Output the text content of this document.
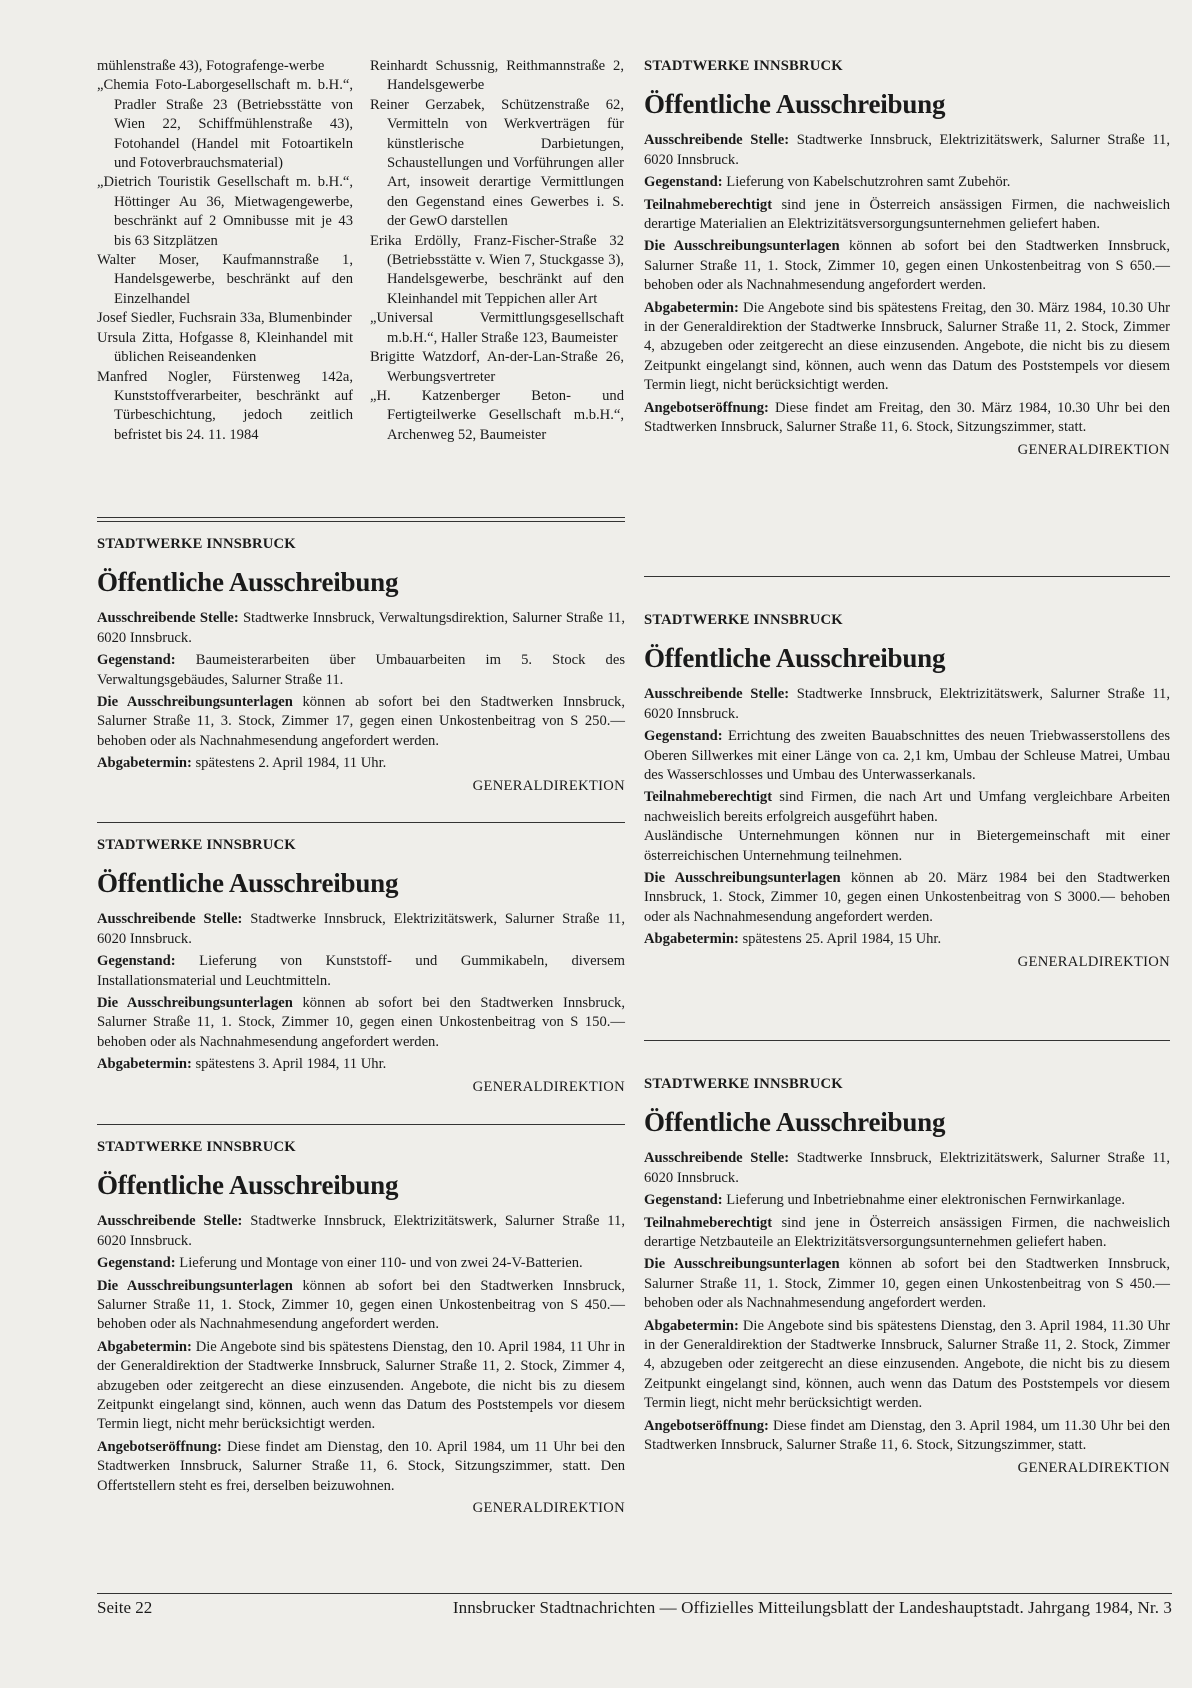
mühlenstraße 43), Fotografenge-werbe
„Chemia Foto-Laborgesellschaft m. b.H.“, Pradler Straße 23 (Betriebsstätte von Wien 22, Schiffmühlenstraße 43), Fotohandel (Handel mit Fotoartikeln und Fotoverbrauchsmaterial)
„Dietrich Touristik Gesellschaft m. b.H.“, Höttinger Au 36, Mietwagengewerbe, beschränkt auf 2 Omnibusse mit je 43 bis 63 Sitzplätzen
Walter Moser, Kaufmannstraße 1, Handelsgewerbe, beschränkt auf den Einzelhandel
Josef Siedler, Fuchsrain 33a, Blumenbinder
Ursula Zitta, Hofgasse 8, Kleinhandel mit üblichen Reiseandenken
Manfred Nogler, Fürstenweg 142a, Kunststoffverarbeiter, beschränkt auf Türbeschichtung, jedoch zeitlich befristet bis 24. 11. 1984
Reinhardt Schussnig, Reithmannstraße 2, Handelsgewerbe
Reiner Gerzabek, Schützenstraße 62, Vermitteln von Werkverträgen für künstlerische Darbietungen, Schaustellungen und Vorführungen aller Art, insoweit derartige Vermittlungen den Gegenstand eines Gewerbes i. S. der GewO darstellen
Erika Erdölly, Franz-Fischer-Straße 32 (Betriebsstätte v. Wien 7, Stuckgasse 3), Handelsgewerbe, beschränkt auf den Kleinhandel mit Teppichen aller Art
„Universal Vermittlungsgesellschaft m.b.H.“, Haller Straße 123, Baumeister
Brigitte Watzdorf, An-der-Lan-Straße 26, Werbungsvertreter
„H. Katzenberger Beton- und Fertigteilwerke Gesellschaft m.b.H.“, Archenweg 52, Baumeister
STADTWERKE INNSBRUCK
Öffentliche Ausschreibung

Ausschreibende Stelle: Stadtwerke Innsbruck, Verwaltungsdirektion, Salurner Straße 11, 6020 Innsbruck.

Gegenstand: Baumeisterarbeiten über Umbauarbeiten im 5. Stock des Verwaltungsgebäudes, Salurner Straße 11.

Die Ausschreibungsunterlagen können ab sofort bei den Stadtwerken Innsbruck, Salurner Straße 11, 3. Stock, Zimmer 17, gegen einen Unkostenbeitrag von S 250.— behoben oder als Nachnahmesendung angefordert werden.

Abgabetermin: spätestens 2. April 1984, 11 Uhr.

GENERALDIREKTION
STADTWERKE INNSBRUCK
Öffentliche Ausschreibung

Ausschreibende Stelle: Stadtwerke Innsbruck, Elektrizitätswerk, Salurner Straße 11, 6020 Innsbruck.

Gegenstand: Lieferung von Kunststoff- und Gummikabeln, diversem Installationsmaterial und Leuchtmitteln.

Die Ausschreibungsunterlagen können ab sofort bei den Stadtwerken Innsbruck, Salurner Straße 11, 1. Stock, Zimmer 10, gegen einen Unkostenbeitrag von S 150.— behoben oder als Nachnahmesendung angefordert werden.

Abgabetermin: spätestens 3. April 1984, 11 Uhr.

GENERALDIREKTION
STADTWERKE INNSBRUCK
Öffentliche Ausschreibung

Ausschreibende Stelle: Stadtwerke Innsbruck, Elektrizitätswerk, Salurner Straße 11, 6020 Innsbruck.

Gegenstand: Lieferung und Montage von einer 110- und von zwei 24-V-Batterien.

Die Ausschreibungsunterlagen können ab sofort bei den Stadtwerken Innsbruck, Salurner Straße 11, 1. Stock, Zimmer 10, gegen einen Unkostenbeitrag von S 450.— behoben oder als Nachnahmesendung angefordert werden.

Abgabetermin: Die Angebote sind bis spätestens Dienstag, den 10. April 1984, 11 Uhr in der Generaldirektion der Stadtwerke Innsbruck, Salurner Straße 11, 2. Stock, Zimmer 4, abzugeben oder zeitgerecht an diese einzusenden. Angebote, die nicht bis zu diesem Zeitpunkt eingelangt sind, können, auch wenn das Datum des Poststempels vor diesem Termin liegt, nicht mehr berücksichtigt werden.

Angebotseröffnung: Diese findet am Dienstag, den 10. April 1984, um 11 Uhr bei den Stadtwerken Innsbruck, Salurner Straße 11, 6. Stock, Sitzungszimmer, statt. Den Offertstellern steht es frei, derselben beizuwohnen.

GENERALDIREKTION
STADTWERKE INNSBRUCK
Öffentliche Ausschreibung

Ausschreibende Stelle: Stadtwerke Innsbruck, Elektrizitätswerk, Salurner Straße 11, 6020 Innsbruck.

Gegenstand: Lieferung von Kabelschutzrohren samt Zubehör.

Teilnahmeberechtigt sind jene in Österreich ansässigen Firmen, die nachweislich derartige Materialien an Elektrizitätsversorgungsunternehmen geliefert haben.

Die Ausschreibungsunterlagen können ab sofort bei den Stadtwerken Innsbruck, Salurner Straße 11, 1. Stock, Zimmer 10, gegen einen Unkostenbeitrag von S 650.— behoben oder als Nachnahmesendung angefordert werden.

Abgabetermin: Die Angebote sind bis spätestens Freitag, den 30. März 1984, 10.30 Uhr in der Generaldirektion der Stadtwerke Innsbruck, Salurner Straße 11, 2. Stock, Zimmer 4, abzugeben oder zeitgerecht an diese einzusenden. Angebote, die nicht bis zu diesem Zeitpunkt eingelangt sind, können, auch wenn das Datum des Poststempels vor diesem Termin liegt, nicht berücksichtigt werden.

Angebotseröffnung: Diese findet am Freitag, den 30. März 1984, 10.30 Uhr bei den Stadtwerken Innsbruck, Salurner Straße 11, 6. Stock, Sitzungszimmer, statt.

GENERALDIREKTION
STADTWERKE INNSBRUCK
Öffentliche Ausschreibung

Ausschreibende Stelle: Stadtwerke Innsbruck, Elektrizitätswerk, Salurner Straße 11, 6020 Innsbruck.

Gegenstand: Errichtung des zweiten Bauabschnittes des neuen Triebwasserstollens des Oberen Sillwerkes mit einer Länge von ca. 2,1 km, Umbau der Schleuse Matrei, Umbau des Wasserschlosses und Umbau des Unterwasserkanals.

Teilnahmeberechtigt sind Firmen, die nach Art und Umfang vergleichbare Arbeiten nachweislich bereits erfolgreich ausgeführt haben.

Ausländische Unternehmungen können nur in Bietergemeinschaft mit einer österreichischen Unternehmung teilnehmen.

Die Ausschreibungsunterlagen können ab 20. März 1984 bei den Stadtwerken Innsbruck, 1. Stock, Zimmer 10, gegen einen Unkostenbeitrag von S 3000.— behoben oder als Nachnahmesendung angefordert werden.

Abgabetermin: spätestens 25. April 1984, 15 Uhr.

GENERALDIREKTION
STADTWERKE INNSBRUCK
Öffentliche Ausschreibung

Ausschreibende Stelle: Stadtwerke Innsbruck, Elektrizitätswerk, Salurner Straße 11, 6020 Innsbruck.

Gegenstand: Lieferung und Inbetriebnahme einer elektronischen Fernwirkanlage.

Teilnahmeberechtigt sind jene in Österreich ansässigen Firmen, die nachweislich derartige Netzbauteile an Elektrizitätsversorgungsunternehmen geliefert haben.

Die Ausschreibungsunterlagen können ab sofort bei den Stadtwerken Innsbruck, Salurner Straße 11, 1. Stock, Zimmer 10, gegen einen Unkostenbeitrag von S 450.— behoben oder als Nachnahmesendung angefordert werden.

Abgabetermin: Die Angebote sind bis spätestens Dienstag, den 3. April 1984, 11.30 Uhr in der Generaldirektion der Stadtwerke Innsbruck, Salurner Straße 11, 2. Stock, Zimmer 4, abzugeben oder zeitgerecht an diese einzusenden. Angebote, die nicht bis zu diesem Zeitpunkt eingelangt sind, können, auch wenn das Datum des Poststempels vor diesem Termin liegt, nicht mehr berücksichtigt werden.

Angebotseröffnung: Diese findet am Dienstag, den 3. April 1984, um 11.30 Uhr bei den Stadtwerken Innsbruck, Salurner Straße 11, 6. Stock, Sitzungszimmer, statt.

GENERALDIREKTION
Seite 22	Innsbrucker Stadtnachrichten — Offizielles Mitteilungsblatt der Landeshauptstadt. Jahrgang 1984, Nr. 3
